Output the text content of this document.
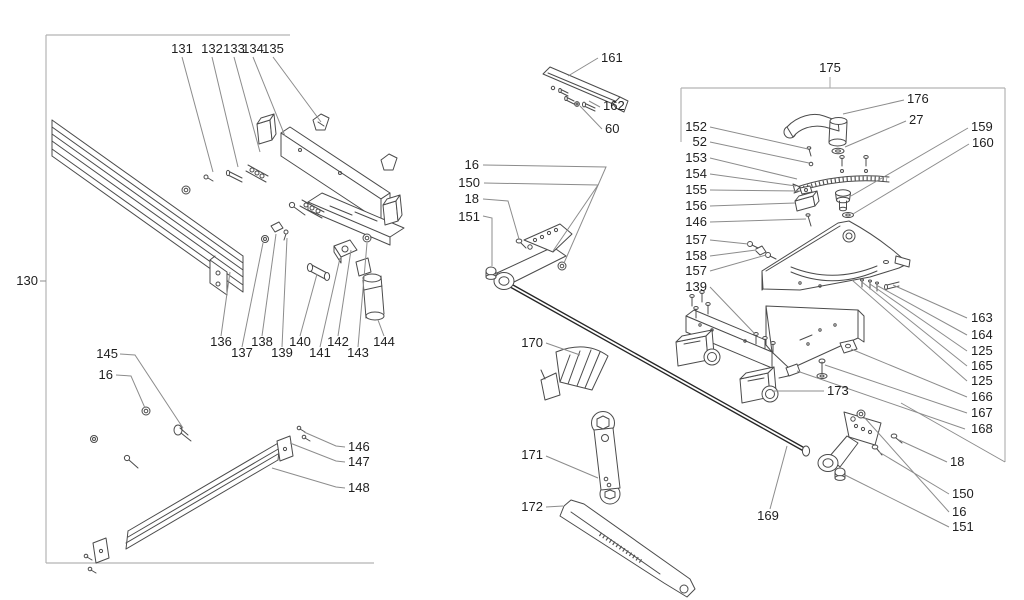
130
131 132 133
134
135
136
137
138
139
140
141
142
143
144
145
16
146
147
148
161
162
60
16
150
18
151
170
171
172
169
175
176
27	159
160
152
52
153
154
155
156
146
157
158
157
139
163
164
125
165
125
166
167
168
18
150
16
151
173
